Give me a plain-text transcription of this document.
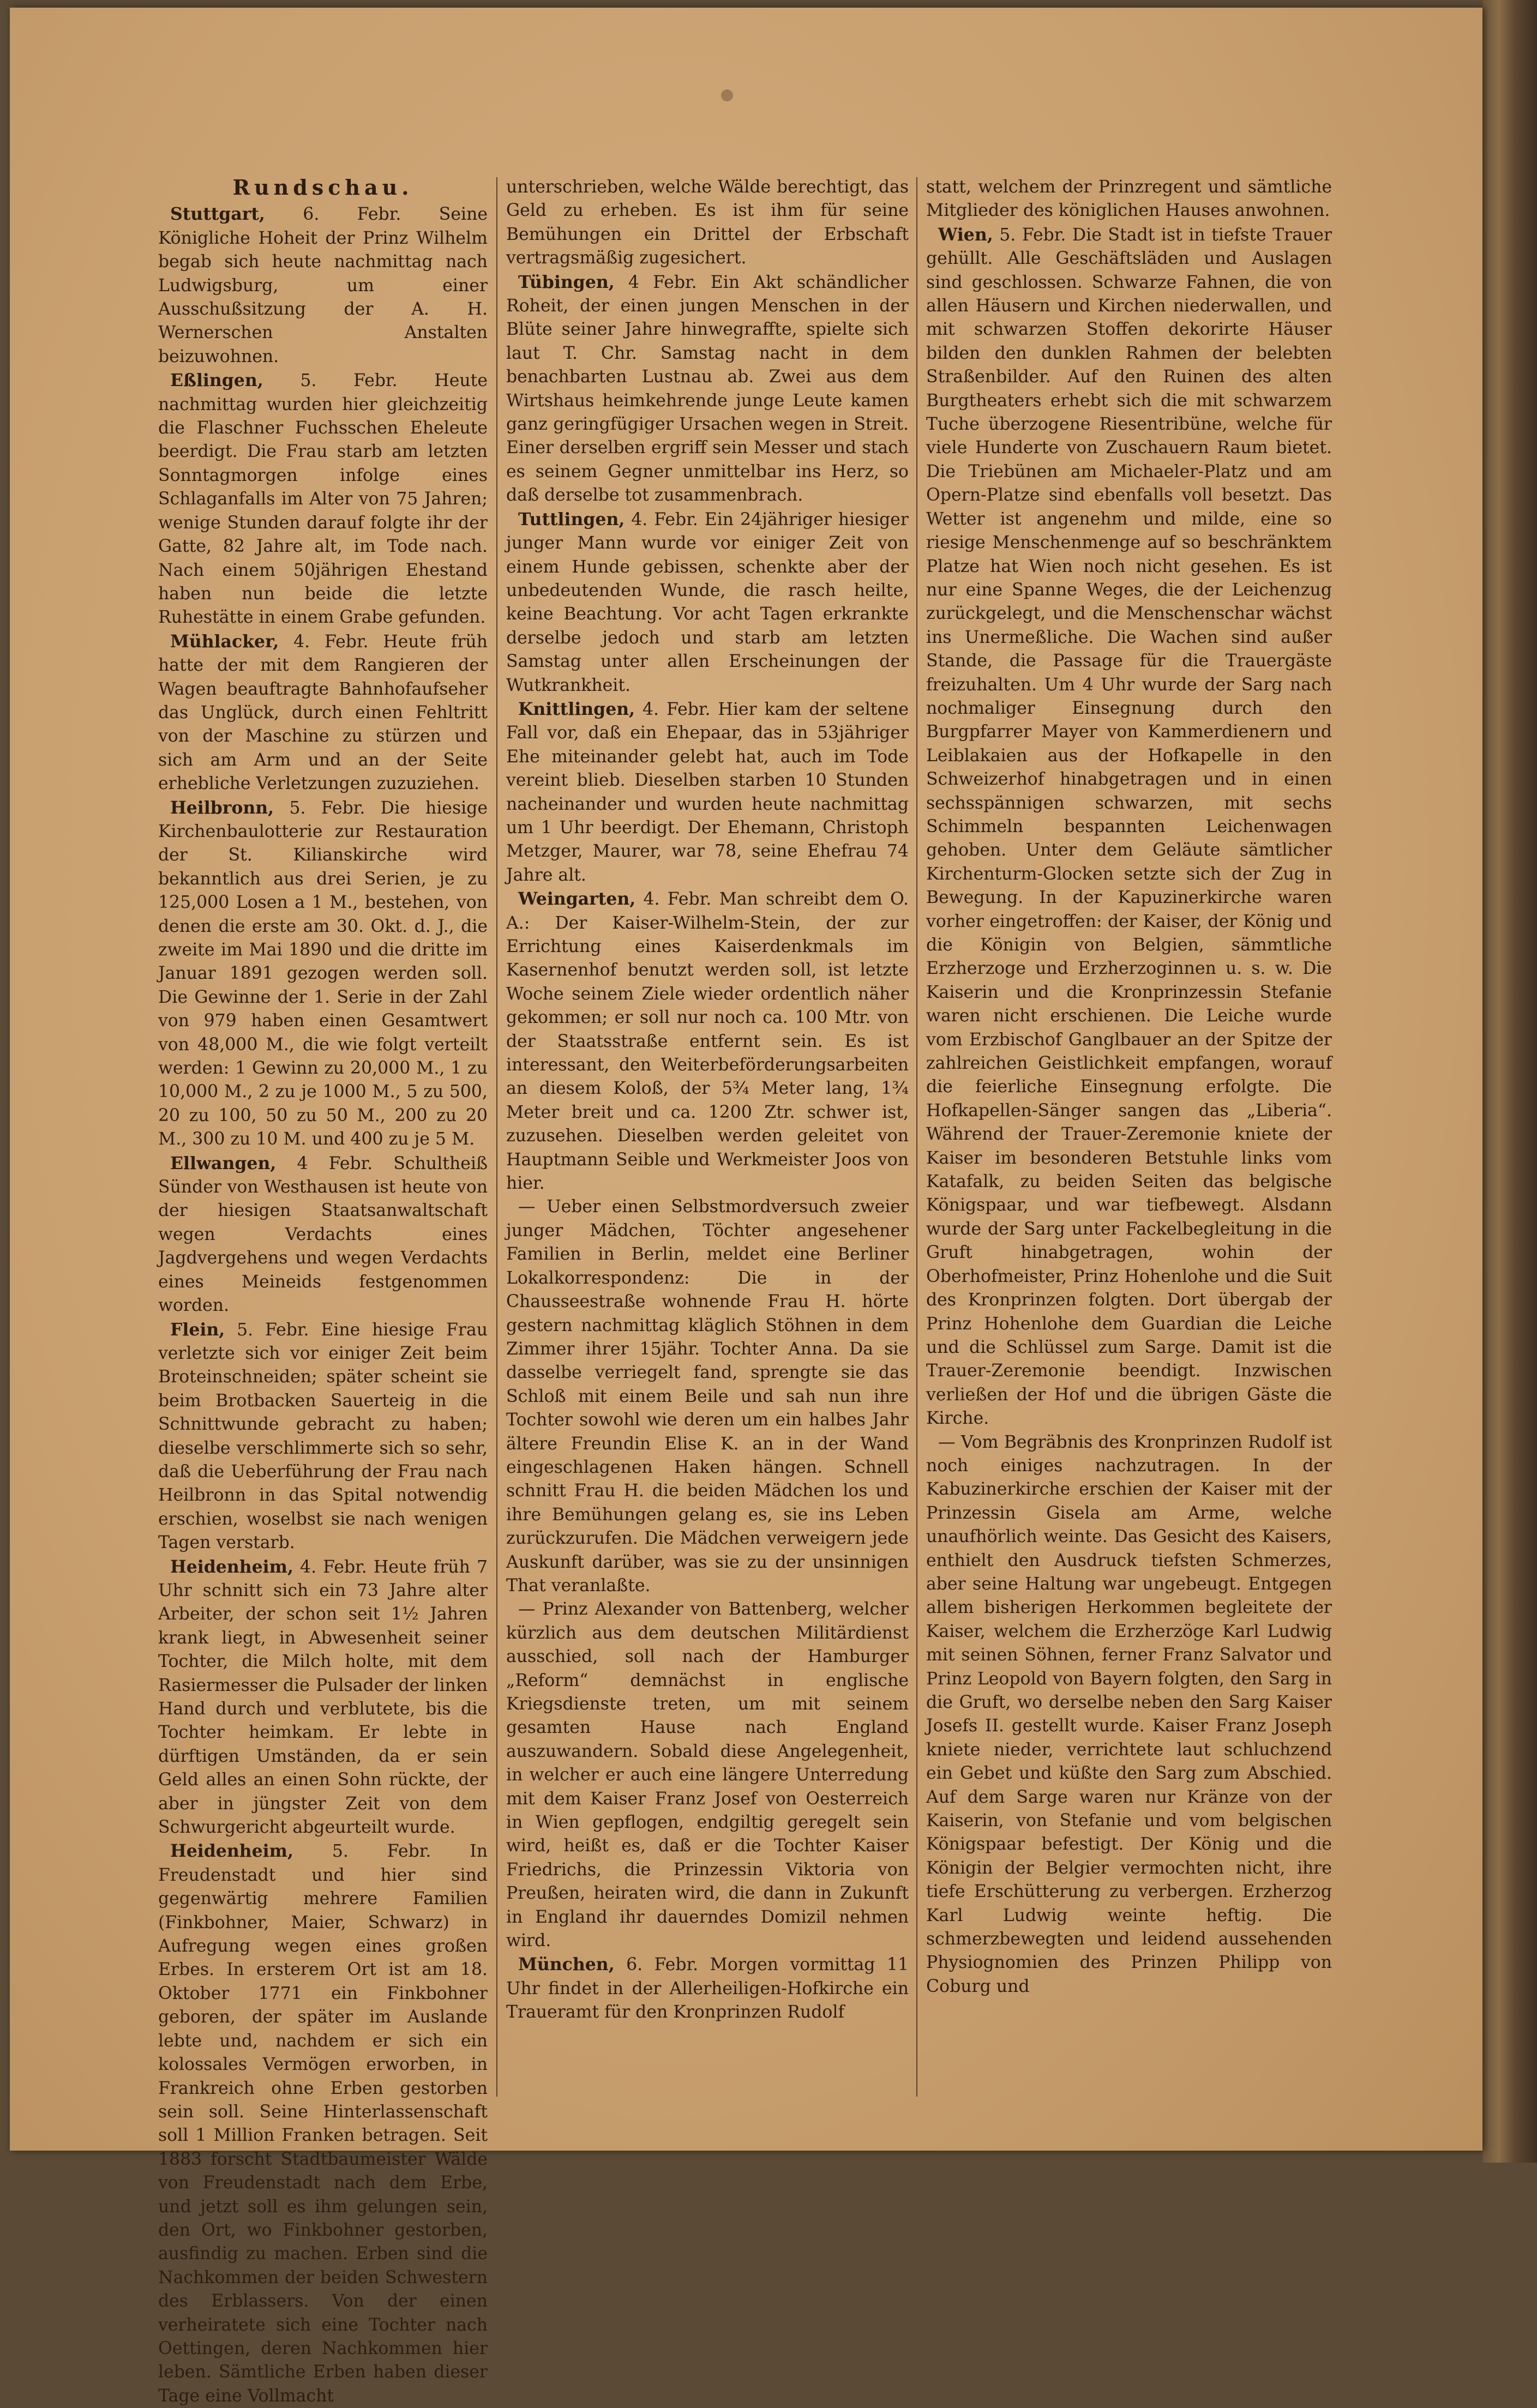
Rundschau.

Stuttgart, 6. Febr. Seine Königliche Hoheit der Prinz Wilhelm begab sich heute nachmittag nach Ludwigsburg, um einer Ausschußsitzung der A. H. Wernerschen Anstalten beizuwohnen.

Eßlingen, 5. Febr. Heute nachmittag wurden hier gleichzeitig die Flaschner Fuchsschen Eheleute beerdigt. Die Frau starb am letzten Sonntagmorgen infolge eines Schlaganfalls im Alter von 75 Jahren; wenige Stunden darauf folgte ihr der Gatte, 82 Jahre alt, im Tode nach. Nach einem 50jährigen Ehestand haben nun beide die letzte Ruhestätte in einem Grabe gefunden.

Mühlacker, 4. Febr. Heute früh hatte der mit dem Rangieren der Wagen beauftragte Bahnhofaufseher das Unglück, durch einen Fehltritt von der Maschine zu stürzen und sich am Arm und an der Seite erhebliche Verletzungen zuzuziehen.

Heilbronn, 5. Febr. Die hiesige Kirchenbaulotterie zur Restauration der St. Kilianskirche wird bekanntlich aus drei Serien, je zu 125,000 Losen a 1 M., bestehen, von denen die erste am 30. Okt. d. J., die zweite im Mai 1890 und die dritte im Januar 1891 gezogen werden soll. Die Gewinne der 1. Serie in der Zahl von 979 haben einen Gesamtwert von 48,000 M., die wie folgt verteilt werden: 1 Gewinn zu 20,000 M., 1 zu 10,000 M., 2 zu je 1000 M., 5 zu 500, 20 zu 100, 50 zu 50 M., 200 zu 20 M., 300 zu 10 M. und 400 zu je 5 M.

Ellwangen, 4 Febr. Schultheiß Sünder von Westhausen ist heute von der hiesigen Staatsanwaltschaft wegen Verdachts eines Jagdvergehens und wegen Verdachts eines Meineids festgenommen worden.

Flein, 5. Febr. Eine hiesige Frau verletzte sich vor einiger Zeit beim Broteinschneiden; später scheint sie beim Brotbacken Sauerteig in die Schnittwunde gebracht zu haben; dieselbe verschlimmerte sich so sehr, daß die Ueberführung der Frau nach Heilbronn in das Spital notwendig erschien, woselbst sie nach wenigen Tagen verstarb.

Heidenheim, 4. Febr. Heute früh 7 Uhr schnitt sich ein 73 Jahre alter Arbeiter, der schon seit 1½ Jahren krank liegt, in Abwesenheit seiner Tochter, die Milch holte, mit dem Rasiermesser die Pulsader der linken Hand durch und verblutete, bis die Tochter heimkam. Er lebte in dürftigen Umständen, da er sein Geld alles an einen Sohn rückte, der aber in jüngster Zeit von dem Schwurgericht abgeurteilt wurde.

Heidenheim, 5. Febr. In Freudenstadt und hier sind gegenwärtig mehrere Familien (Finkbohner, Maier, Schwarz) in Aufregung wegen eines großen Erbes. In ersterem Ort ist am 18. Oktober 1771 ein Finkbohner geboren, der später im Auslande lebte und, nachdem er sich ein kolossales Vermögen erworben, in Frankreich ohne Erben gestorben sein soll. Seine Hinterlassenschaft soll 1 Million Franken betragen. Seit 1883 forscht Stadtbaumeister Wälde von Freudenstadt nach dem Erbe, und jetzt soll es ihm gelungen sein, den Ort, wo Finkbohner gestorben, ausfindig zu machen. Erben sind die Nachkommen der beiden Schwestern des Erblassers. Von der einen verheiratete sich eine Tochter nach Oettingen, deren Nachkommen hier leben. Sämtliche Erben haben dieser Tage eine Vollmacht

unterschrieben, welche Wälde berechtigt, das Geld zu erheben. Es ist ihm für seine Bemühungen ein Drittel der Erbschaft vertragsmäßig zugesichert.

Tübingen, 4 Febr. Ein Akt schändlicher Roheit, der einen jungen Menschen in der Blüte seiner Jahre hinwegraffte, spielte sich laut T. Chr. Samstag nacht in dem benachbarten Lustnau ab. Zwei aus dem Wirtshaus heimkehrende junge Leute kamen ganz geringfügiger Ursachen wegen in Streit. Einer derselben ergriff sein Messer und stach es seinem Gegner unmittelbar ins Herz, so daß derselbe tot zusammenbrach.

Tuttlingen, 4. Febr. Ein 24jähriger hiesiger junger Mann wurde vor einiger Zeit von einem Hunde gebissen, schenkte aber der unbedeutenden Wunde, die rasch heilte, keine Beachtung. Vor acht Tagen erkrankte derselbe jedoch und starb am letzten Samstag unter allen Erscheinungen der Wutkrankheit.

Knittlingen, 4. Febr. Hier kam der seltene Fall vor, daß ein Ehepaar, das in 53jähriger Ehe miteinander gelebt hat, auch im Tode vereint blieb. Dieselben starben 10 Stunden nacheinander und wurden heute nachmittag um 1 Uhr beerdigt. Der Ehemann, Christoph Metzger, Maurer, war 78, seine Ehefrau 74 Jahre alt.

Weingarten, 4. Febr. Man schreibt dem O. A.: Der Kaiser-Wilhelm-Stein, der zur Errichtung eines Kaiserdenkmals im Kasernenhof benutzt werden soll, ist letzte Woche seinem Ziele wieder ordentlich näher gekommen; er soll nur noch ca. 100 Mtr. von der Staatsstraße entfernt sein. Es ist interessant, den Weiterbeförderungsarbeiten an diesem Koloß, der 5¾ Meter lang, 1¾ Meter breit und ca. 1200 Ztr. schwer ist, zuzusehen. Dieselben werden geleitet von Hauptmann Seible und Werkmeister Joos von hier.

— Ueber einen Selbstmordversuch zweier junger Mädchen, Töchter angesehener Familien in Berlin, meldet eine Berliner Lokalkorrespondenz: Die in der Chausseestraße wohnende Frau H. hörte gestern nachmittag kläglich Stöhnen in dem Zimmer ihrer 15jähr. Tochter Anna. Da sie dasselbe verriegelt fand, sprengte sie das Schloß mit einem Beile und sah nun ihre Tochter sowohl wie deren um ein halbes Jahr ältere Freundin Elise K. an in der Wand eingeschlagenen Haken hängen. Schnell schnitt Frau H. die beiden Mädchen los und ihre Bemühungen gelang es, sie ins Leben zurückzurufen. Die Mädchen verweigern jede Auskunft darüber, was sie zu der unsinnigen That veranlaßte.

— Prinz Alexander von Battenberg, welcher kürzlich aus dem deutschen Militärdienst ausschied, soll nach der Hamburger „Reform“ demnächst in englische Kriegsdienste treten, um mit seinem gesamten Hause nach England auszuwandern. Sobald diese Angelegenheit, in welcher er auch eine längere Unterredung mit dem Kaiser Franz Josef von Oesterreich in Wien gepflogen, endgiltig geregelt sein wird, heißt es, daß er die Tochter Kaiser Friedrichs, die Prinzessin Viktoria von Preußen, heiraten wird, die dann in Zukunft in England ihr dauerndes Domizil nehmen wird.

München, 6. Febr. Morgen vormittag 11 Uhr findet in der Allerheiligen-Hofkirche ein Traueramt für den Kronprinzen Rudolf

statt, welchem der Prinzregent und sämtliche Mitglieder des königlichen Hauses anwohnen.

Wien, 5. Febr. Die Stadt ist in tiefste Trauer gehüllt. Alle Geschäftsläden und Auslagen sind geschlossen. Schwarze Fahnen, die von allen Häusern und Kirchen niederwallen, und mit schwarzen Stoffen dekorirte Häuser bilden den dunklen Rahmen der belebten Straßenbilder. Auf den Ruinen des alten Burgtheaters erhebt sich die mit schwarzem Tuche überzogene Riesentribüne, welche für viele Hunderte von Zuschauern Raum bietet. Die Triebünen am Michaeler-Platz und am Opern-Platze sind ebenfalls voll besetzt. Das Wetter ist angenehm und milde, eine so riesige Menschenmenge auf so beschränktem Platze hat Wien noch nicht gesehen. Es ist nur eine Spanne Weges, die der Leichenzug zurückgelegt, und die Menschenschar wächst ins Unermeßliche. Die Wachen sind außer Stande, die Passage für die Trauergäste freizuhalten. Um 4 Uhr wurde der Sarg nach nochmaliger Einsegnung durch den Burgpfarrer Mayer von Kammerdienern und Leiblakaien aus der Hofkapelle in den Schweizerhof hinabgetragen und in einen sechsspännigen schwarzen, mit sechs Schimmeln bespannten Leichenwagen gehoben. Unter dem Geläute sämtlicher Kirchenturm-Glocken setzte sich der Zug in Bewegung. In der Kapuzinerkirche waren vorher eingetroffen: der Kaiser, der König und die Königin von Belgien, sämmtliche Erzherzoge und Erzherzoginnen u. s. w. Die Kaiserin und die Kronprinzessin Stefanie waren nicht erschienen. Die Leiche wurde vom Erzbischof Ganglbauer an der Spitze der zahlreichen Geistlichkeit empfangen, worauf die feierliche Einsegnung erfolgte. Die Hofkapellen-Sänger sangen das „Liberia“. Während der Trauer-Zeremonie kniete der Kaiser im besonderen Betstuhle links vom Katafalk, zu beiden Seiten das belgische Königspaar, und war tiefbewegt. Alsdann wurde der Sarg unter Fackelbegleitung in die Gruft hinabgetragen, wohin der Oberhofmeister, Prinz Hohenlohe und die Suit des Kronprinzen folgten. Dort übergab der Prinz Hohenlohe dem Guardian die Leiche und die Schlüssel zum Sarge. Damit ist die Trauer-Zeremonie beendigt. Inzwischen verließen der Hof und die übrigen Gäste die Kirche.

— Vom Begräbnis des Kronprinzen Rudolf ist noch einiges nachzutragen. In der Kabuzinerkirche erschien der Kaiser mit der Prinzessin Gisela am Arme, welche unaufhörlich weinte. Das Gesicht des Kaisers, enthielt den Ausdruck tiefsten Schmerzes, aber seine Haltung war ungebeugt. Entgegen allem bisherigen Herkommen begleitete der Kaiser, welchem die Erzherzöge Karl Ludwig mit seinen Söhnen, ferner Franz Salvator und Prinz Leopold von Bayern folgten, den Sarg in die Gruft, wo derselbe neben den Sarg Kaiser Josefs II. gestellt wurde. Kaiser Franz Joseph kniete nieder, verrichtete laut schluchzend ein Gebet und küßte den Sarg zum Abschied. Auf dem Sarge waren nur Kränze von der Kaiserin, von Stefanie und vom belgischen Königspaar befestigt. Der König und die Königin der Belgier vermochten nicht, ihre tiefe Erschütterung zu verbergen. Erzherzog Karl Ludwig weinte heftig. Die schmerzbewegten und leidend aussehenden Physiognomien des Prinzen Philipp von Coburg und
